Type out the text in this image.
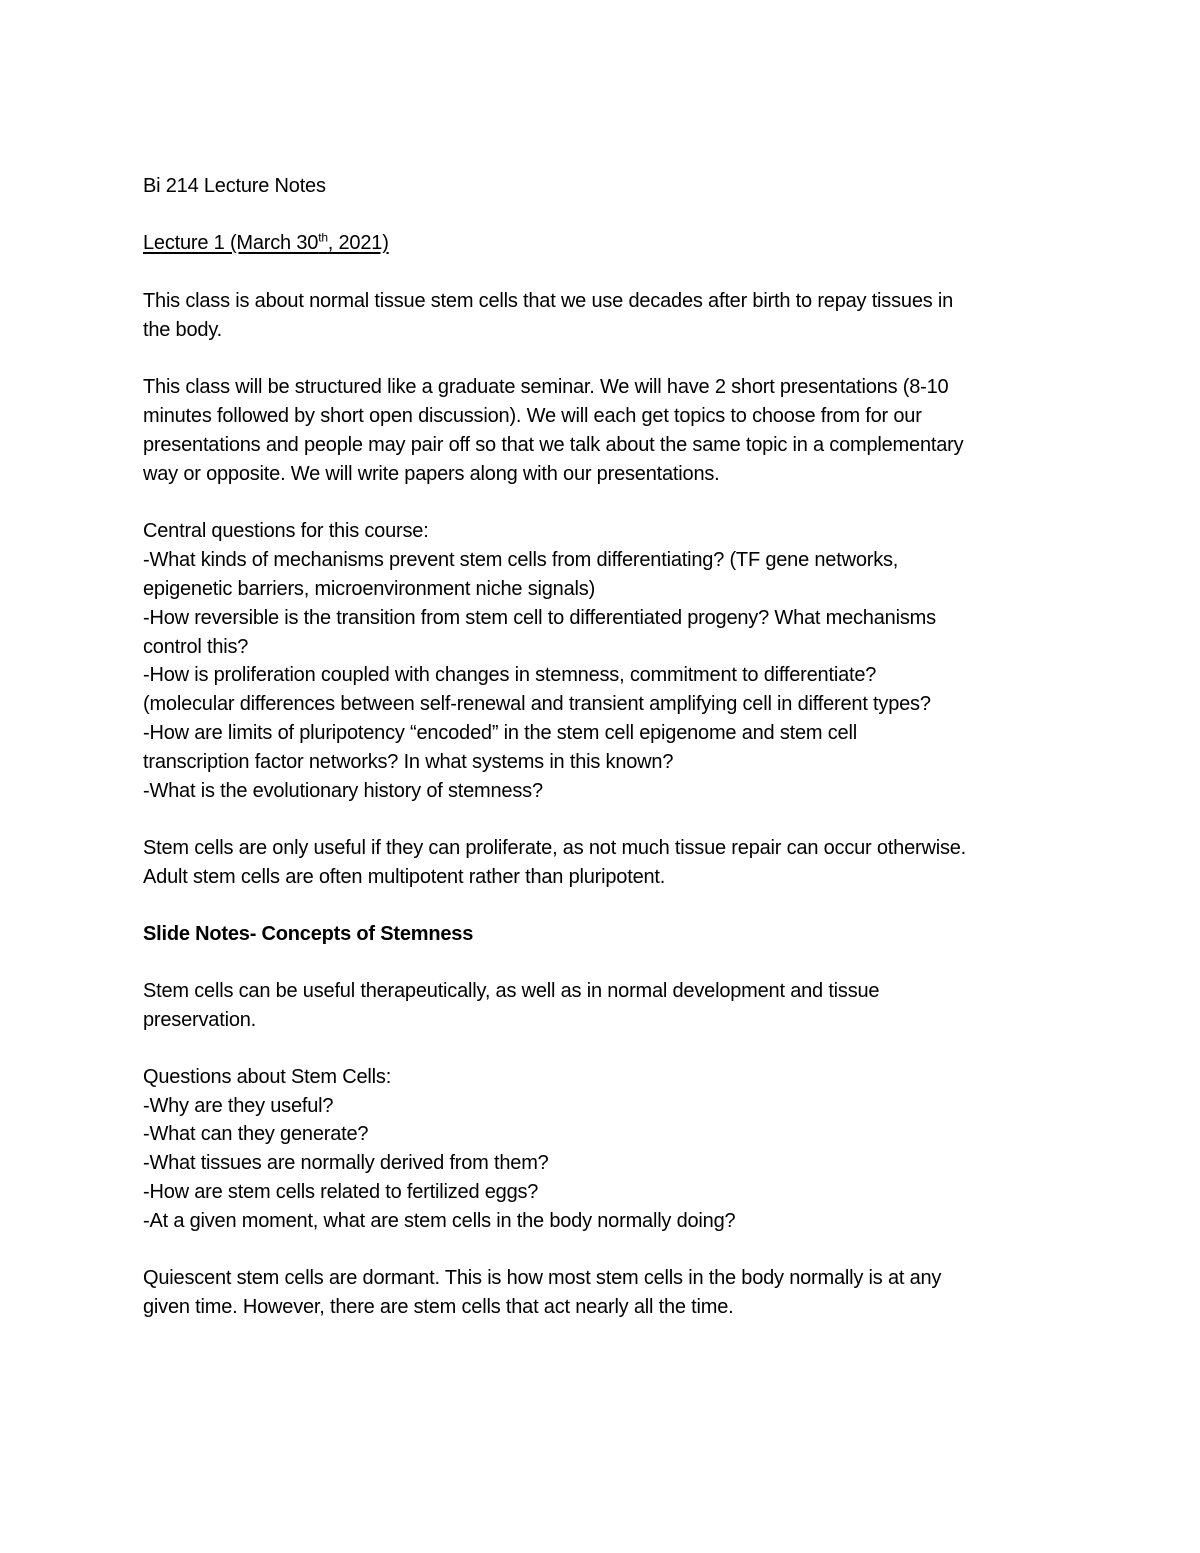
Bi 214 Lecture Notes
Lecture 1 (March 30th, 2021)
This class is about normal tissue stem cells that we use decades after birth to repay tissues in
the body.
This class will be structured like a graduate seminar. We will have 2 short presentations (8-10
minutes followed by short open discussion). We will each get topics to choose from for our
presentations and people may pair off so that we talk about the same topic in a complementary
way or opposite. We will write papers along with our presentations.
Central questions for this course:
-What kinds of mechanisms prevent stem cells from differentiating? (TF gene networks,
epigenetic barriers, microenvironment niche signals)
-How reversible is the transition from stem cell to differentiated progeny? What mechanisms
control this?
-How is proliferation coupled with changes in stemness, commitment to differentiate?
(molecular differences between self-renewal and transient amplifying cell in different types?
-How are limits of pluripotency “encoded” in the stem cell epigenome and stem cell
transcription factor networks? In what systems in this known?
-What is the evolutionary history of stemness?
Stem cells are only useful if they can proliferate, as not much tissue repair can occur otherwise.
Adult stem cells are often multipotent rather than pluripotent.
Slide Notes- Concepts of Stemness
Stem cells can be useful therapeutically, as well as in normal development and tissue
preservation.
Questions about Stem Cells:
-Why are they useful?
-What can they generate?
-What tissues are normally derived from them?
-How are stem cells related to fertilized eggs?
-At a given moment, what are stem cells in the body normally doing?
Quiescent stem cells are dormant. This is how most stem cells in the body normally is at any
given time. However, there are stem cells that act nearly all the time.
